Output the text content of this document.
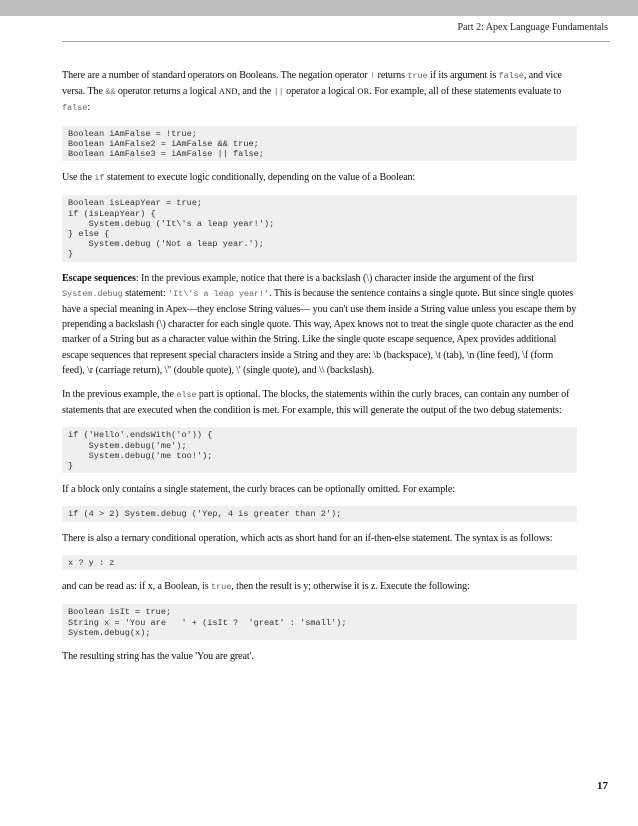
Part 2: Apex Language Fundamentals

There are a number of standard operators on Booleans. The negation operator ! returns true if its argument is false, and vice versa. The && operator returns a logical AND, and the || operator a logical OR. For example, all of these statements evaluate to false:

Boolean iAmFalse = !true;
Boolean iAmFalse2 = iAmFalse && true;
Boolean iAmFalse3 = iAmFalse || false;

Use the if statement to execute logic conditionally, depending on the value of a Boolean:

Boolean isLeapYear = true;
if (isLeapYear) {
System.debug ('It\'s a leap year!');
} else {
System.debug ('Not a leap year.');
}

Escape sequences: In the previous example, notice that there is a backslash (\) character inside the argument of the first System.debug statement: 'It\'s a leap year!'. This is because the sentence contains a single quote. But since single quotes have a special meaning in Apex—they enclose String values— you can't use them inside a String value unless you escape them by prepending a backslash (\) character for each single quote. This way, Apex knows not to treat the single quote character as the end marker of a String but as a character value within the String. Like the single quote escape sequence, Apex provides additional escape sequences that represent special characters inside a String and they are: \b (backspace), \t (tab), \n (line feed), \f (form feed), \r (carriage return), \" (double quote), \' (single quote), and \\ (backslash).

In the previous example, the else part is optional. The blocks, the statements within the curly braces, can contain any number of statements that are executed when the condition is met. For example, this will generate the output of the two debug statements:

if ('Hello'.endsWith('o')) {
System.debug('me');
System.debug('me too!');
}

If a block only contains a single statement, the curly braces can be optionally omitted. For example:

if (4 > 2) System.debug ('Yep, 4 is greater than 2');

There is also a ternary conditional operation, which acts as short hand for an if-then-else statement. The syntax is as follows:

x ? y : z

and can be read as: if x, a Boolean, is true, then the result is y; otherwise it is z. Execute the following:

Boolean isIt = true;
String x = 'You are   ' + (isIt ?  'great' : 'small');
System.debug(x);

The resulting string has the value 'You are great'.

17
